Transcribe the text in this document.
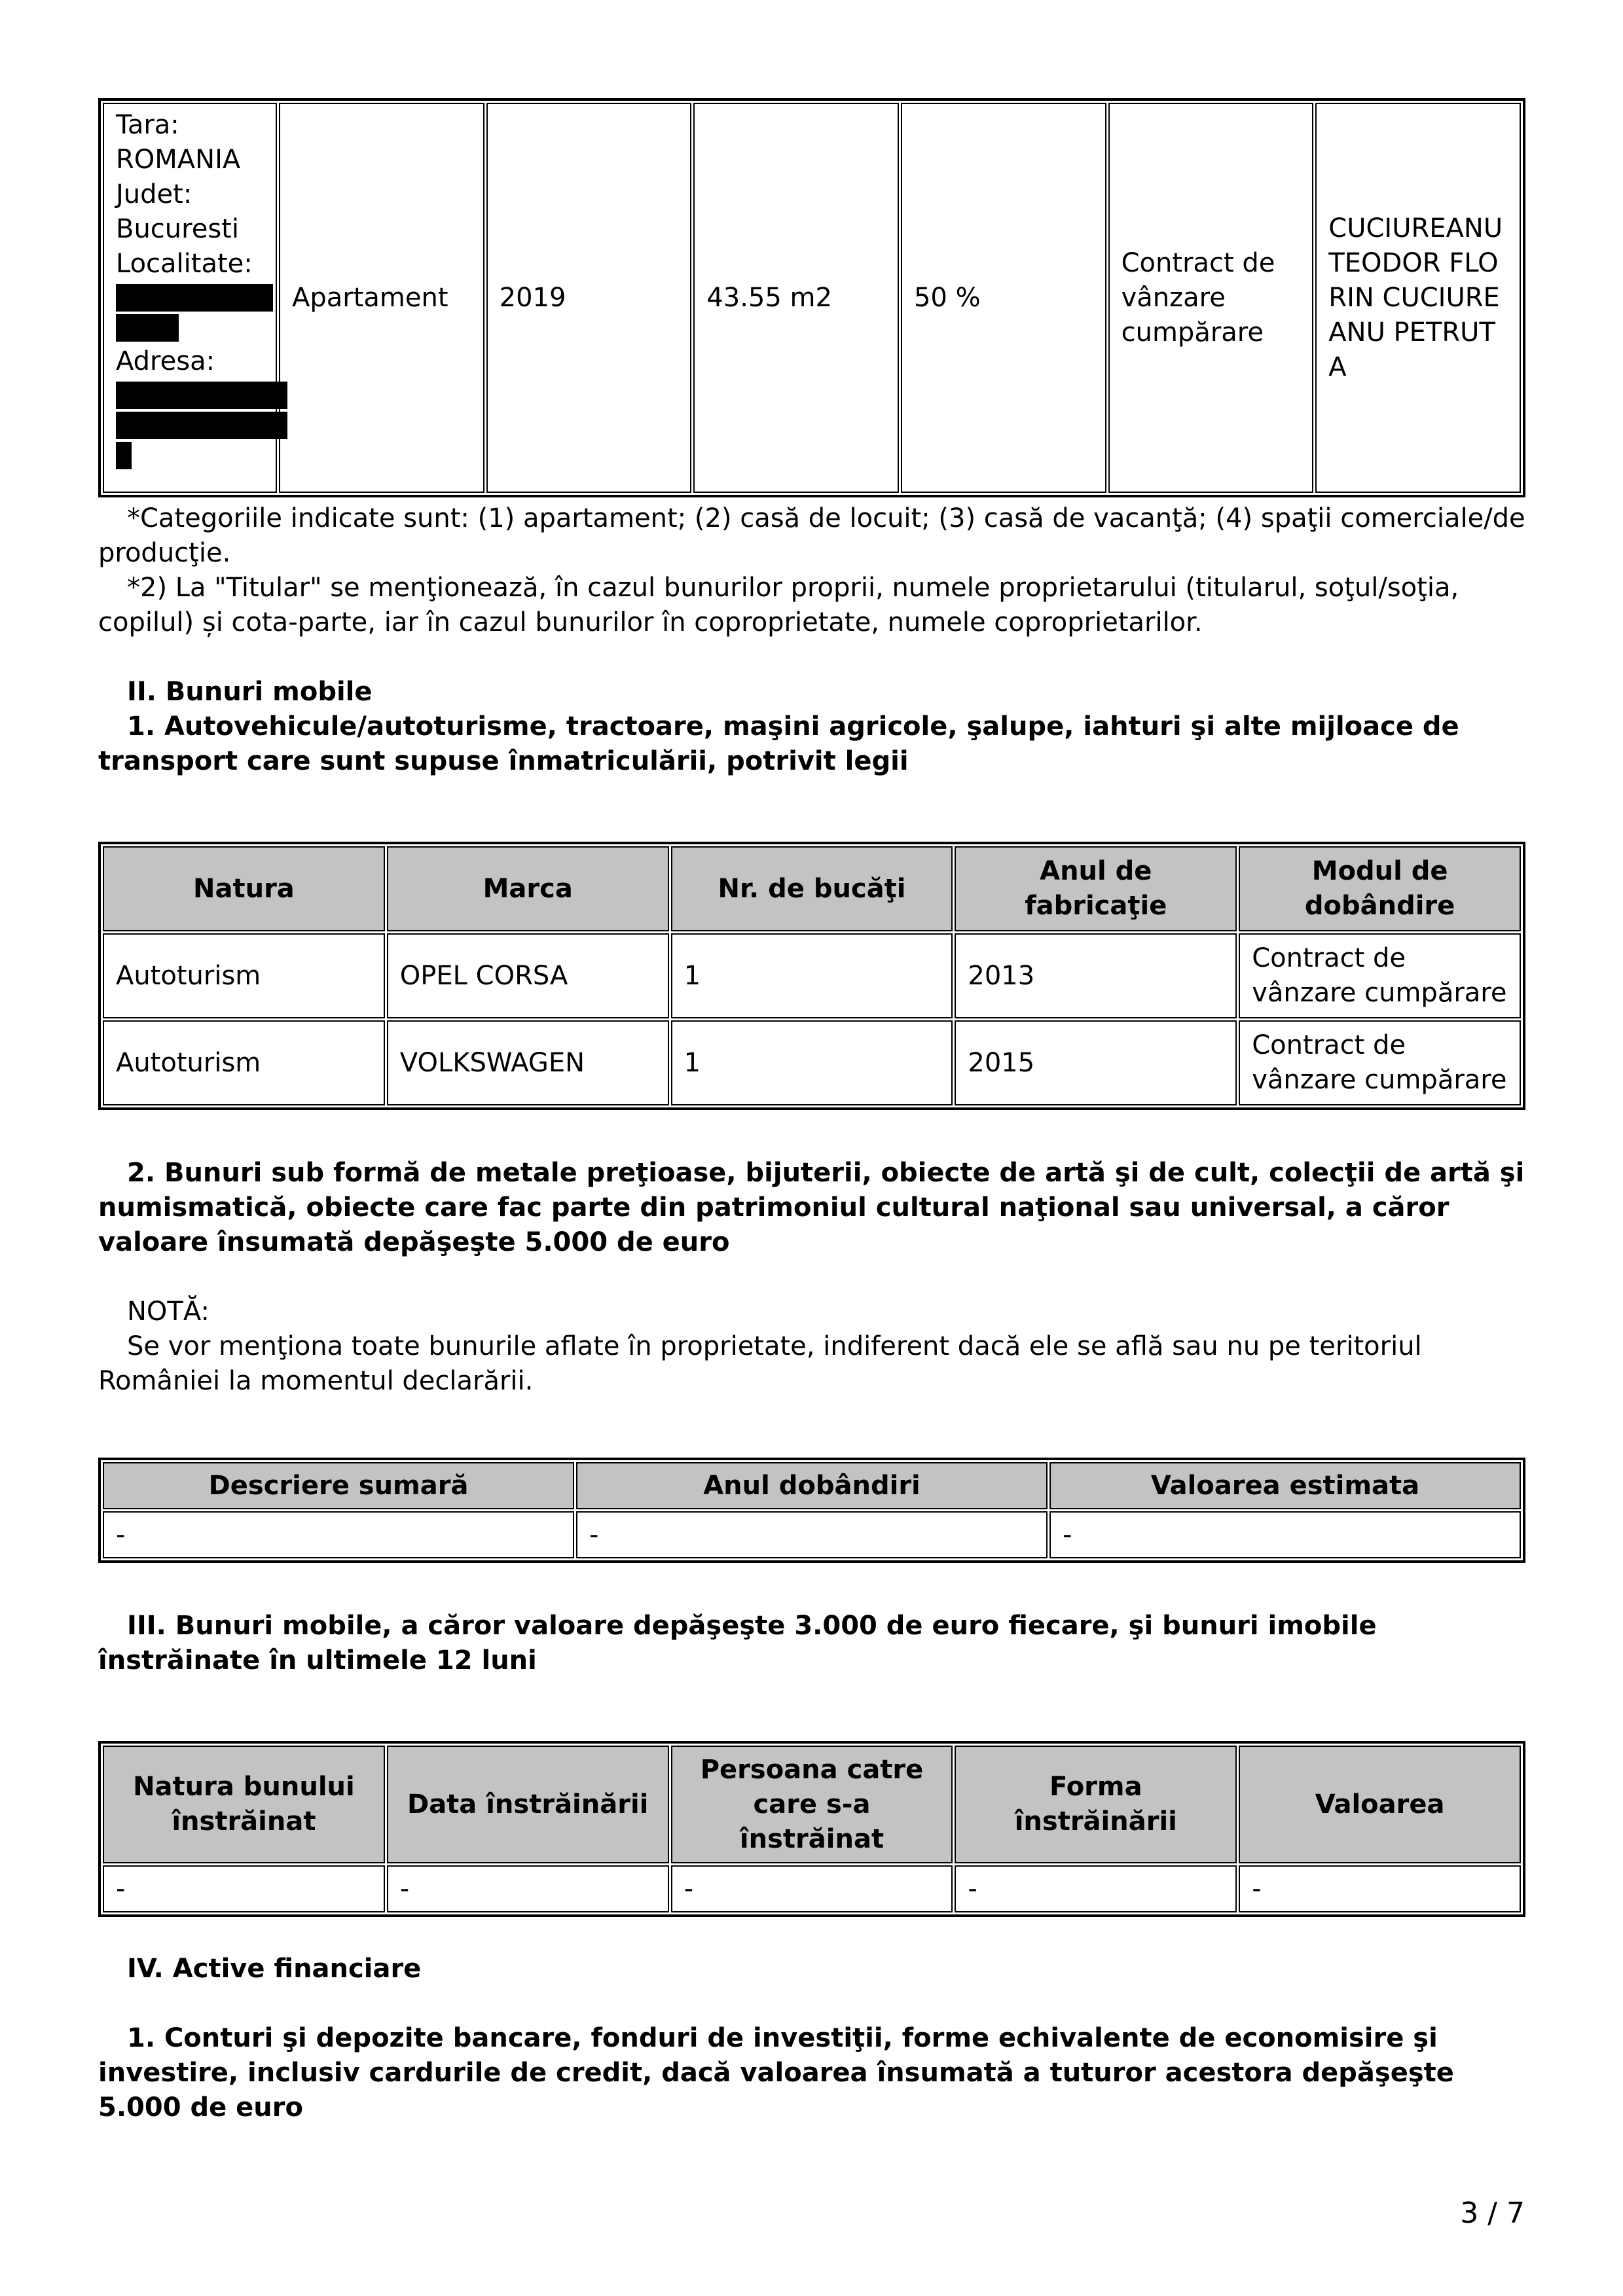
Tara:
ROMANIA
Judet:
Bucuresti
Localitate:
Adresa:
	Apartament	2019	43.55 m2	50 %	Contract de vânzare cumpărare	CUCIUREANU TEODOR FLORIN CUCIUREANU PETRUTA

*Categoriile indicate sunt: (1) apartament; (2) casă de locuit; (3) casă de vacanţă; (4) spaţii comerciale/de producţie.

*2) La "Titular" se menţionează, în cazul bunurilor proprii, numele proprietarului (titularul, soţul/soţia, copilul) și cota-parte, iar în cazul bunurilor în coproprietate, numele coproprietarilor.

II. Bunuri mobile

1. Autovehicule/autoturisme, tractoare, maşini agricole, şalupe, iahturi şi alte mijloace de transport care sunt supuse înmatriculării, potrivit legii

Natura	Marca	Nr. de bucăţi	Anul de fabricaţie	Modul de dobândire
Autoturism	OPEL CORSA	1	2013	Contract de vânzare cumpărare
Autoturism	VOLKSWAGEN	1	2015	Contract de vânzare cumpărare

2. Bunuri sub formă de metale preţioase, bijuterii, obiecte de artă şi de cult, colecţii de artă şi numismatică, obiecte care fac parte din patrimoniul cultural naţional sau universal, a căror valoare însumată depăşeşte 5.000 de euro

NOTĂ:

Se vor menţiona toate bunurile aflate în proprietate, indiferent dacă ele se află sau nu pe teritoriul României la momentul declarării.

Descriere sumară	Anul dobândiri	Valoarea estimata
-	-	-

III. Bunuri mobile, a căror valoare depăşeşte 3.000 de euro fiecare, şi bunuri imobile înstrăinate în ultimele 12 luni

Natura bunului înstrăinat	Data înstrăinării	Persoana catre care s-a înstrăinat	Forma înstrăinării	Valoarea
-	-	-	-	-

IV. Active financiare

1. Conturi şi depozite bancare, fonduri de investiţii, forme echivalente de economisire şi investire, inclusiv cardurile de credit, dacă valoarea însumată a tuturor acestora depăşeşte 5.000 de euro

3 / 7
